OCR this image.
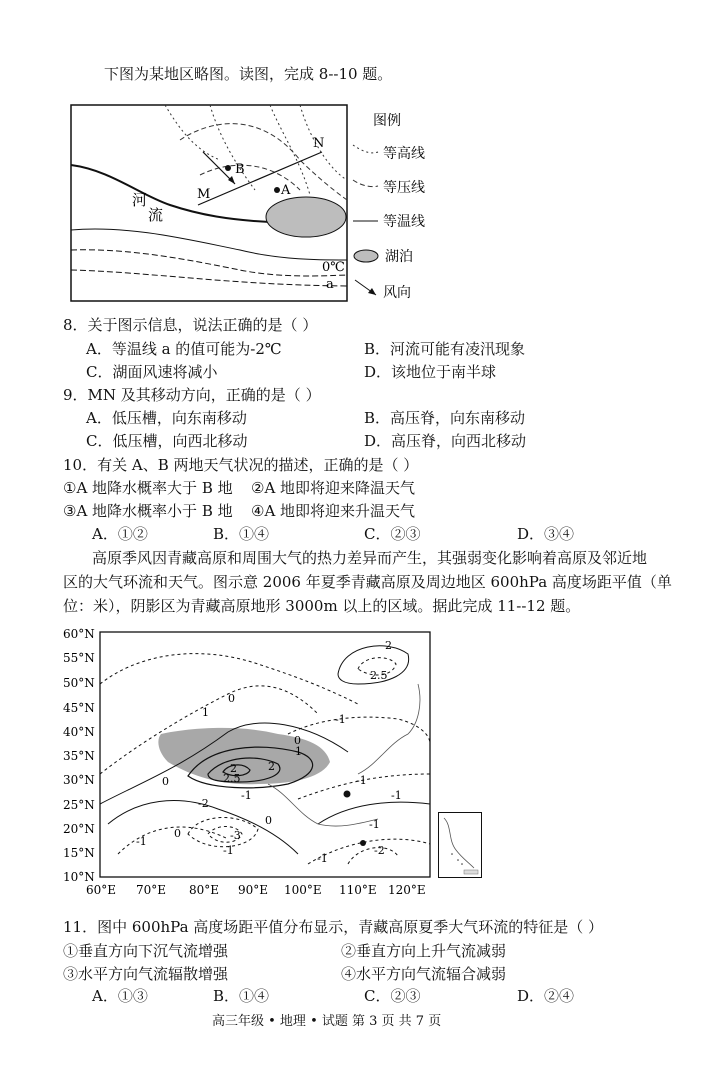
下图为某地区略图。读图，完成 8--10 题。
N
M
B
A
河
流
0℃
a
图例
等高线
等压线
等温线
湖泊
风向
8．关于图示信息，说法正确的是（ ）
A．等温线 a 的值可能为-2℃	B．河流可能有凌汛现象
C．湖面风速将减小	D．该地位于南半球
9．MN 及其移动方向，正确的是（ ）
A．低压槽，向东南移动	B．高压脊，向东南移动
C．低压槽，向西北移动	D．高压脊，向西北移动
10．有关 A、B 两地天气状况的描述，正确的是（ ）
①A 地降水概率大于 B 地 ②A 地即将迎来降温天气
③A 地降水概率小于 B 地 ④A 地即将迎来升温天气
A．①②	B．①④	C．②③	D．③④
高原季风因青藏高原和周围大气的热力差异而产生，其强弱变化影响着高原及邻近地
区的大气环流和天气。图示意 2006 年夏季青藏高原及周边地区 600hPa 高度场距平值（单
位：米），阴影区为青藏高原地形 3000m 以上的区域。据此完成 11--12 题。
2
2.5
0
1
-1
0
1
2
2.5
2
-1
0
-2
-3
-1
0
-1
0	-1
-2
-1
-1
-1
60°N
55°N
50°N
45°N
40°N
35°N
30°N
25°N
20°N
15°N
10°N
60°E 70°E 80°E 90°E 100°E 110°E 120°E
11．图中 600hPa 高度场距平值分布显示，青藏高原夏季大气环流的特征是（ ）
①垂直方向下沉气流增强	②垂直方向上升气流减弱
③水平方向气流辐散增强	④水平方向气流辐合减弱
A．①③	B．①④	C．②③	D．②④
高三年级 • 地理 • 试题 第 3 页 共 7 页
